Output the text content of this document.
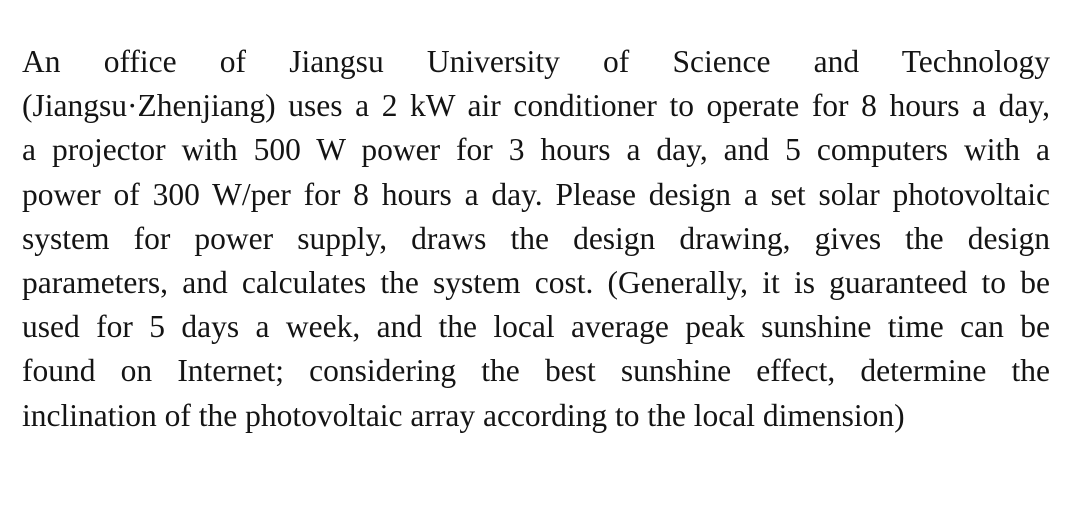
An office of Jiangsu University of Science and Technology
(Jiangsu·Zhenjiang) uses a 2 kW air conditioner to operate for 8 hours a day,
a projector with 500 W power for 3 hours a day, and 5 computers with a
power of 300 W/per for 8 hours a day. Please design a set solar photovoltaic
system for power supply, draws the design drawing, gives the design
parameters, and calculates the system cost. (Generally, it is guaranteed to be
used for 5 days a week, and the local average peak sunshine time can be
found on Internet; considering the best sunshine effect, determine the
inclination of the photovoltaic array according to the local dimension)
